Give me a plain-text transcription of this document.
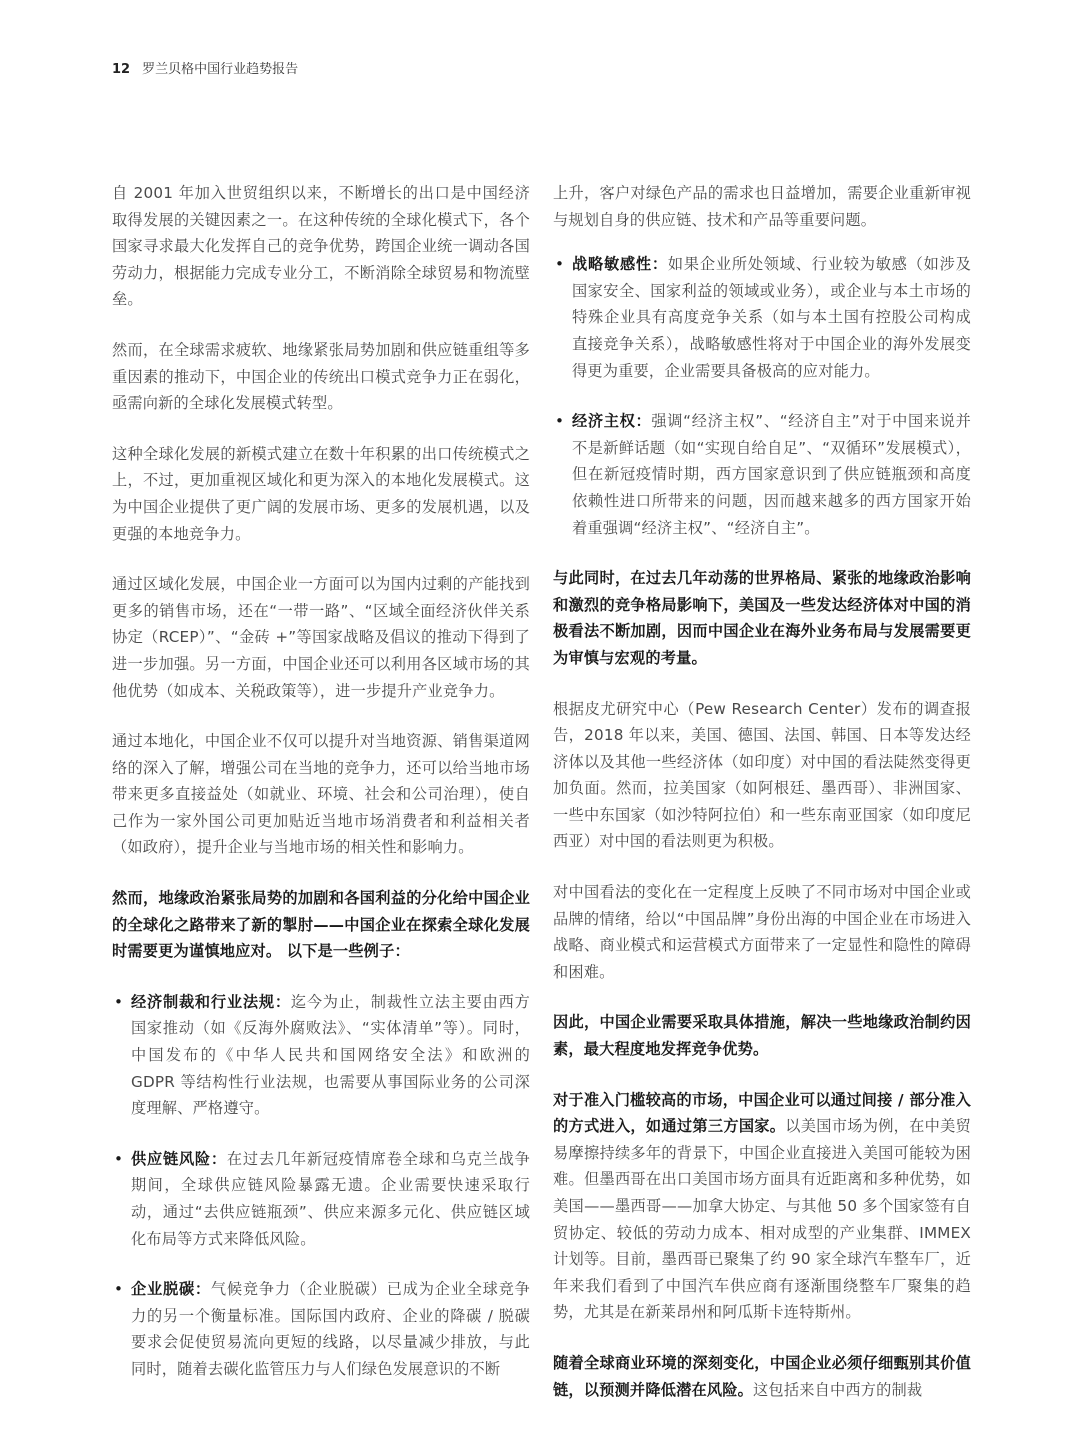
12 罗兰贝格中国行业趋势报告

自 2001 年加入世贸组织以来，不断增长的出口是中国经济取得发展的关键因素之一。在这种传统的全球化模式下，各个国家寻求最大化发挥自己的竞争优势，跨国企业统一调动各国劳动力，根据能力完成专业分工，不断消除全球贸易和物流壁垒。

然而，在全球需求疲软、地缘紧张局势加剧和供应链重组等多重因素的推动下，中国企业的传统出口模式竞争力正在弱化，亟需向新的全球化发展模式转型。

这种全球化发展的新模式建立在数十年积累的出口传统模式之上，不过，更加重视区域化和更为深入的本地化发展模式。这为中国企业提供了更广阔的发展市场、更多的发展机遇，以及更强的本地竞争力。

通过区域化发展，中国企业一方面可以为国内过剩的产能找到更多的销售市场，还在“一带一路”、“区域全面经济伙伴关系协定（RCEP）”、“金砖 +”等国家战略及倡议的推动下得到了进一步加强。另一方面，中国企业还可以利用各区域市场的其他优势（如成本、关税政策等），进一步提升产业竞争力。

通过本地化，中国企业不仅可以提升对当地资源、销售渠道网络的深入了解，增强公司在当地的竞争力，还可以给当地市场带来更多直接益处（如就业、环境、社会和公司治理），使自己作为一家外国公司更加贴近当地市场消费者和利益相关者（如政府），提升企业与当地市场的相关性和影响力。

然而，地缘政治紧张局势的加剧和各国利益的分化给中国企业的全球化之路带来了新的掣肘——中国企业在探索全球化发展时需要更为谨慎地应对。 以下是一些例子：

• 经济制裁和行业法规：迄今为止，制裁性立法主要由西方国家推动（如《反海外腐败法》、“实体清单”等）。同时，中国发布的《中华人民共和国网络安全法》和欧洲的 GDPR 等结构性行业法规，也需要从事国际业务的公司深度理解、严格遵守。
• 供应链风险：在过去几年新冠疫情席卷全球和乌克兰战争期间，全球供应链风险暴露无遗。企业需要快速采取行动，通过“去供应链瓶颈”、供应来源多元化、供应链区域化布局等方式来降低风险。
• 企业脱碳：气候竞争力（企业脱碳）已成为企业全球竞争力的另一个衡量标准。国际国内政府、企业的降碳 / 脱碳要求会促使贸易流向更短的线路，以尽量减少排放，与此同时，随着去碳化监管压力与人们绿色发展意识的不断

上升，客户对绿色产品的需求也日益增加，需要企业重新审视与规划自身的供应链、技术和产品等重要问题。

• 战略敏感性：如果企业所处领域、行业较为敏感（如涉及国家安全、国家利益的领域或业务），或企业与本土市场的特殊企业具有高度竞争关系（如与本土国有控股公司构成直接竞争关系），战略敏感性将对于中国企业的海外发展变得更为重要，企业需要具备极高的应对能力。
• 经济主权：强调“经济主权”、“经济自主”对于中国来说并不是新鲜话题（如“实现自给自足”、“双循环”发展模式），但在新冠疫情时期，西方国家意识到了供应链瓶颈和高度依赖性进口所带来的问题，因而越来越多的西方国家开始着重强调“经济主权”、“经济自主”。

与此同时，在过去几年动荡的世界格局、紧张的地缘政治影响和激烈的竞争格局影响下，美国及一些发达经济体对中国的消极看法不断加剧，因而中国企业在海外业务布局与发展需要更为审慎与宏观的考量。

根据皮尤研究中心（Pew Research Center）发布的调查报告，2018 年以来，美国、德国、法国、韩国、日本等发达经济体以及其他一些经济体（如印度）对中国的看法陡然变得更加负面。然而，拉美国家（如阿根廷、墨西哥）、非洲国家、一些中东国家（如沙特阿拉伯）和一些东南亚国家（如印度尼西亚）对中国的看法则更为积极。

对中国看法的变化在一定程度上反映了不同市场对中国企业或品牌的情绪，给以“中国品牌”身份出海的中国企业在市场进入战略、商业模式和运营模式方面带来了一定显性和隐性的障碍和困难。

因此，中国企业需要采取具体措施，解决一些地缘政治制约因素，最大程度地发挥竞争优势。

对于准入门槛较高的市场，中国企业可以通过间接 / 部分准入的方式进入，如通过第三方国家。以美国市场为例，在中美贸易摩擦持续多年的背景下，中国企业直接进入美国可能较为困难。但墨西哥在出口美国市场方面具有近距离和多种优势，如美国——墨西哥——加拿大协定、与其他 50 多个国家签有自贸协定、较低的劳动力成本、相对成型的产业集群、IMMEX 计划等。目前，墨西哥已聚集了约 90 家全球汽车整车厂，近年来我们看到了中国汽车供应商有逐渐围绕整车厂聚集的趋势，尤其是在新莱昂州和阿瓜斯卡连特斯州。

随着全球商业环境的深刻变化，中国企业必须仔细甄别其价值链，以预测并降低潜在风险。这包括来自中西方的制裁
